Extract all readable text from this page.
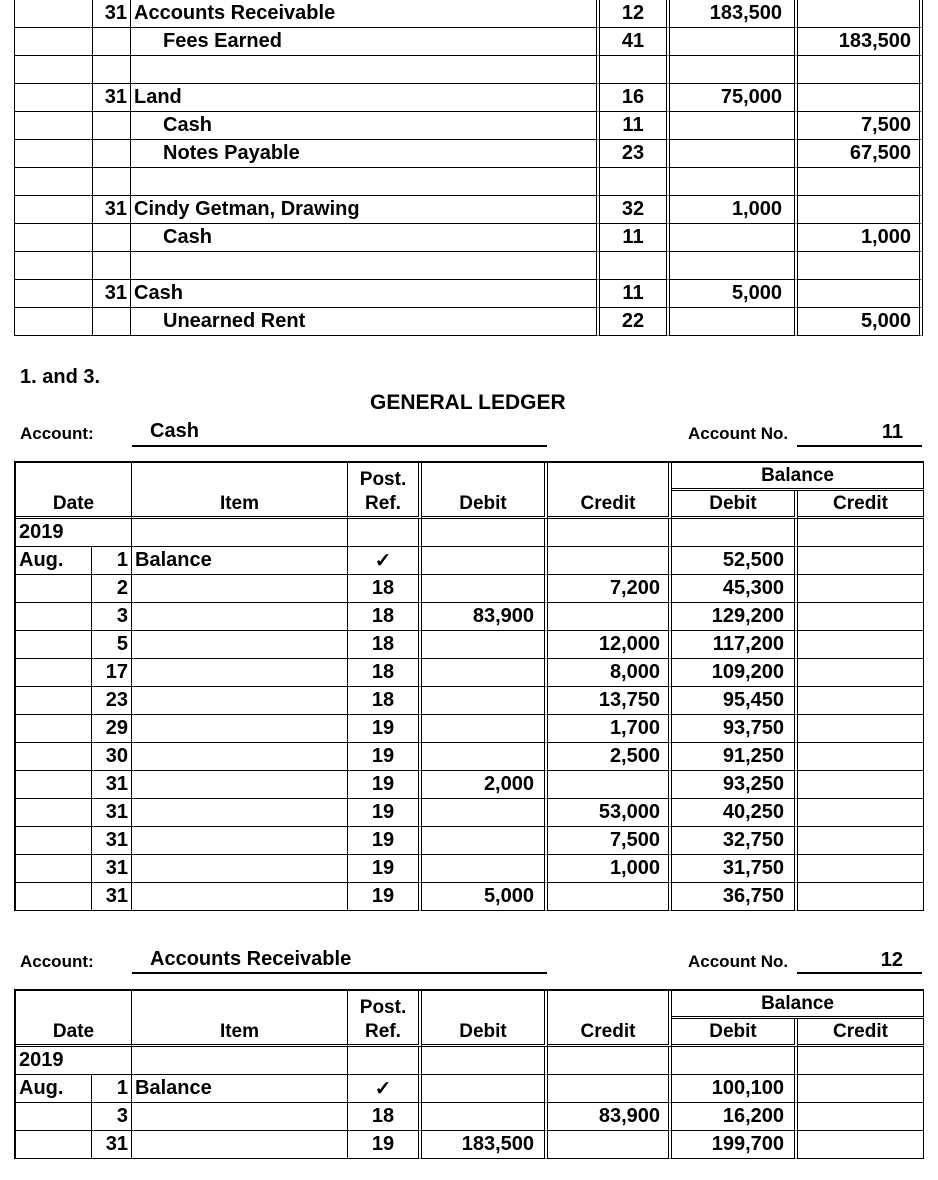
	31	Accounts Receivable	12	183,500	
		Fees Earned	41		183,500

	31	Land	16	75,000	
		Cash	11		7,500
		Notes Payable	23		67,500

	31	Cindy Getman, Drawing	32	1,000	
		Cash	11		1,000

	31	Cash	11	5,000	
		Unearned Rent	22		5,000
1. and 3.
GENERAL LEDGER
Account:	Cash	Account No.	11
			Post.			Balance	
Date		Item	Ref.	Debit	Credit	Debit	Credit
2019							
Aug.	1	Balance	✓			52,500	
	2		18		7,200	45,300	
	3		18	83,900		129,200	
	5		18		12,000	117,200	
	17		18		8,000	109,200	
	23		18		13,750	95,450	
	29		19		1,700	93,750	
	30		19		2,500	91,250	
	31		19	2,000		93,250	
	31		19		53,000	40,250	
	31		19		7,500	32,750	
	31		19		1,000	31,750	
	31		19	5,000		36,750	
Account:	Accounts Receivable	Account No.	12
			Post.			Balance	
Date		Item	Ref.	Debit	Credit	Debit	Credit
2019							
Aug.	1	Balance	✓			100,100	
	3		18		83,900	16,200	
	31		19	183,500		199,700	
